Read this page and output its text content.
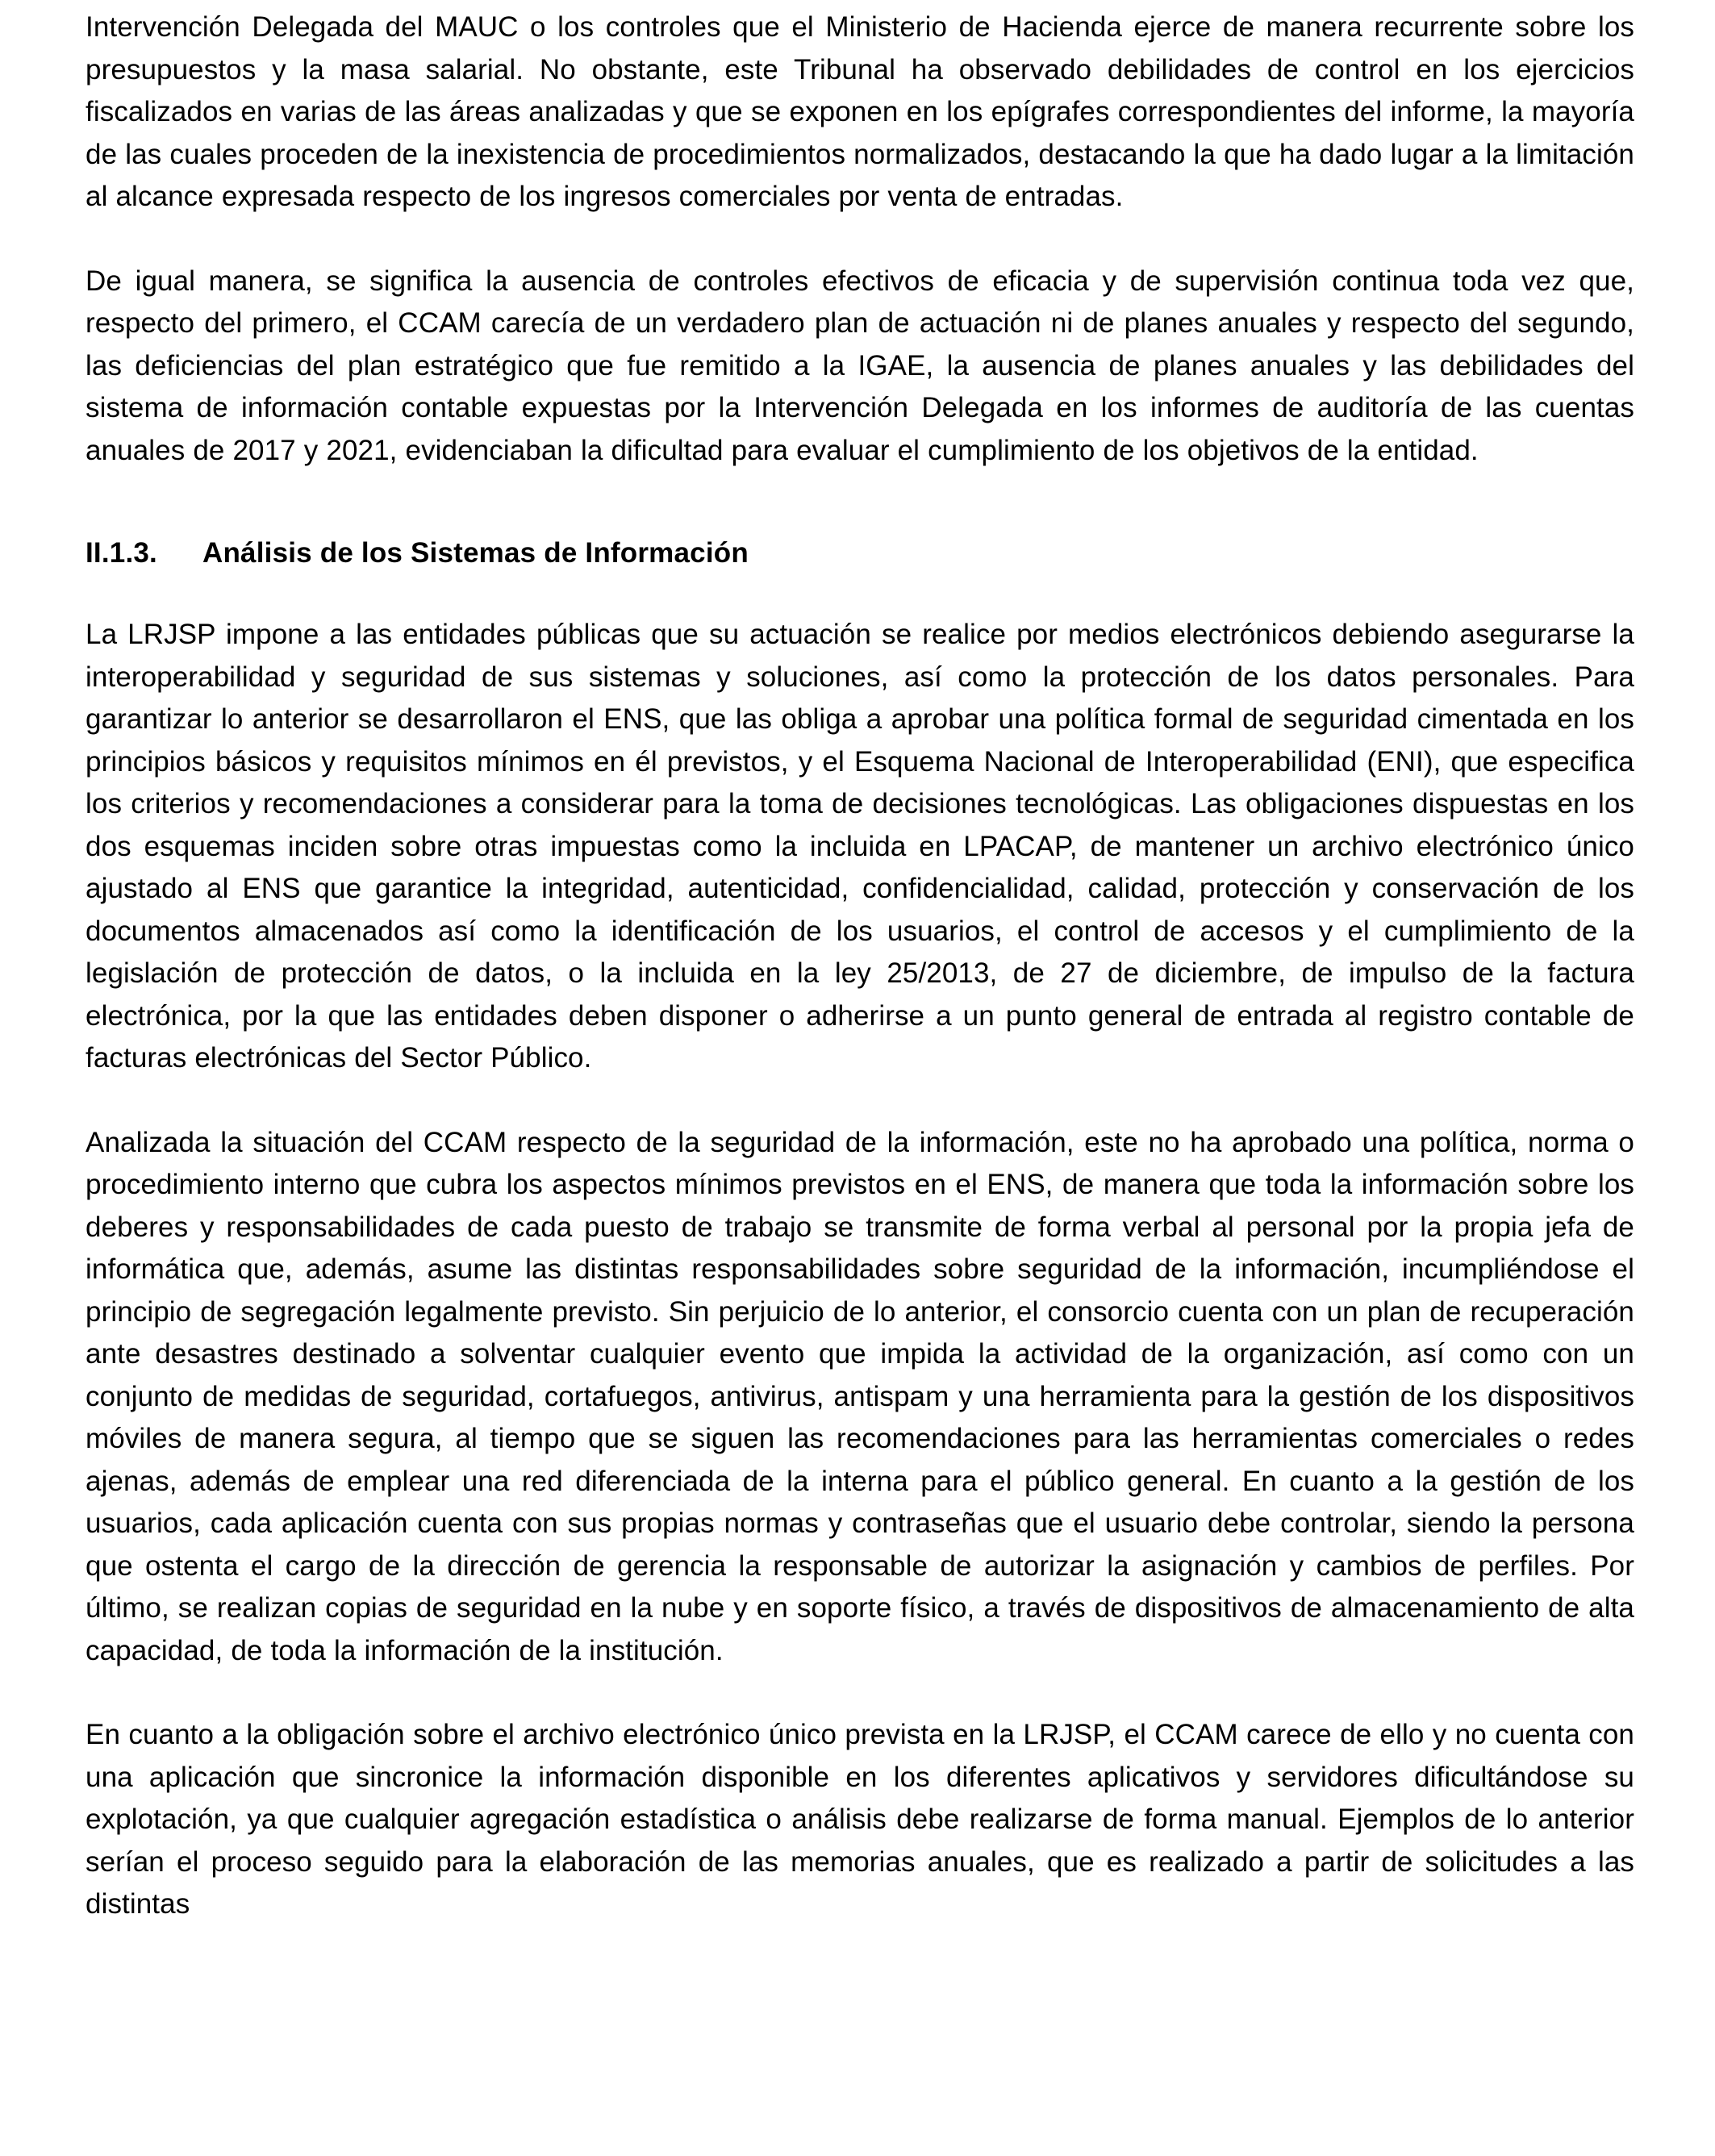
Intervención Delegada del MAUC o los controles que el Ministerio de Hacienda ejerce de manera recurrente sobre los presupuestos y la masa salarial. No obstante, este Tribunal ha observado debilidades de control en los ejercicios fiscalizados en varias de las áreas analizadas y que se exponen en los epígrafes correspondientes del informe, la mayoría de las cuales proceden de la inexistencia de procedimientos normalizados, destacando la que ha dado lugar a la limitación al alcance expresada respecto de los ingresos comerciales por venta de entradas.

De igual manera, se significa la ausencia de controles efectivos de eficacia y de supervisión continua toda vez que, respecto del primero, el CCAM carecía de un verdadero plan de actuación ni de planes anuales y respecto del segundo, las deficiencias del plan estratégico que fue remitido a la IGAE, la ausencia de planes anuales y las debilidades del sistema de información contable expuestas por la Intervención Delegada en los informes de auditoría de las cuentas anuales de 2017 y 2021, evidenciaban la dificultad para evaluar el cumplimiento de los objetivos de la entidad.

II.1.3. Análisis de los Sistemas de Información

La LRJSP impone a las entidades públicas que su actuación se realice por medios electrónicos debiendo asegurarse la interoperabilidad y seguridad de sus sistemas y soluciones, así como la protección de los datos personales. Para garantizar lo anterior se desarrollaron el ENS, que las obliga a aprobar una política formal de seguridad cimentada en los principios básicos y requisitos mínimos en él previstos, y el Esquema Nacional de Interoperabilidad (ENI), que especifica los criterios y recomendaciones a considerar para la toma de decisiones tecnológicas. Las obligaciones dispuestas en los dos esquemas inciden sobre otras impuestas como la incluida en LPACAP, de mantener un archivo electrónico único ajustado al ENS que garantice la integridad, autenticidad, confidencialidad, calidad, protección y conservación de los documentos almacenados así como la identificación de los usuarios, el control de accesos y el cumplimiento de la legislación de protección de datos, o la incluida en la ley 25/2013, de 27 de diciembre, de impulso de la factura electrónica, por la que las entidades deben disponer o adherirse a un punto general de entrada al registro contable de facturas electrónicas del Sector Público.

Analizada la situación del CCAM respecto de la seguridad de la información, este no ha aprobado una política, norma o procedimiento interno que cubra los aspectos mínimos previstos en el ENS, de manera que toda la información sobre los deberes y responsabilidades de cada puesto de trabajo se transmite de forma verbal al personal por la propia jefa de informática que, además, asume las distintas responsabilidades sobre seguridad de la información, incumpliéndose el principio de segregación legalmente previsto. Sin perjuicio de lo anterior, el consorcio cuenta con un plan de recuperación ante desastres destinado a solventar cualquier evento que impida la actividad de la organización, así como con un conjunto de medidas de seguridad, cortafuegos, antivirus, antispam y una herramienta para la gestión de los dispositivos móviles de manera segura, al tiempo que se siguen las recomendaciones para las herramientas comerciales o redes ajenas, además de emplear una red diferenciada de la interna para el público general. En cuanto a la gestión de los usuarios, cada aplicación cuenta con sus propias normas y contraseñas que el usuario debe controlar, siendo la persona que ostenta el cargo de la dirección de gerencia la responsable de autorizar la asignación y cambios de perfiles. Por último, se realizan copias de seguridad en la nube y en soporte físico, a través de dispositivos de almacenamiento de alta capacidad, de toda la información de la institución.

En cuanto a la obligación sobre el archivo electrónico único prevista en la LRJSP, el CCAM carece de ello y no cuenta con una aplicación que sincronice la información disponible en los diferentes aplicativos y servidores dificultándose su explotación, ya que cualquier agregación estadística o análisis debe realizarse de forma manual. Ejemplos de lo anterior serían el proceso seguido para la elaboración de las memorias anuales, que es realizado a partir de solicitudes a las distintas
